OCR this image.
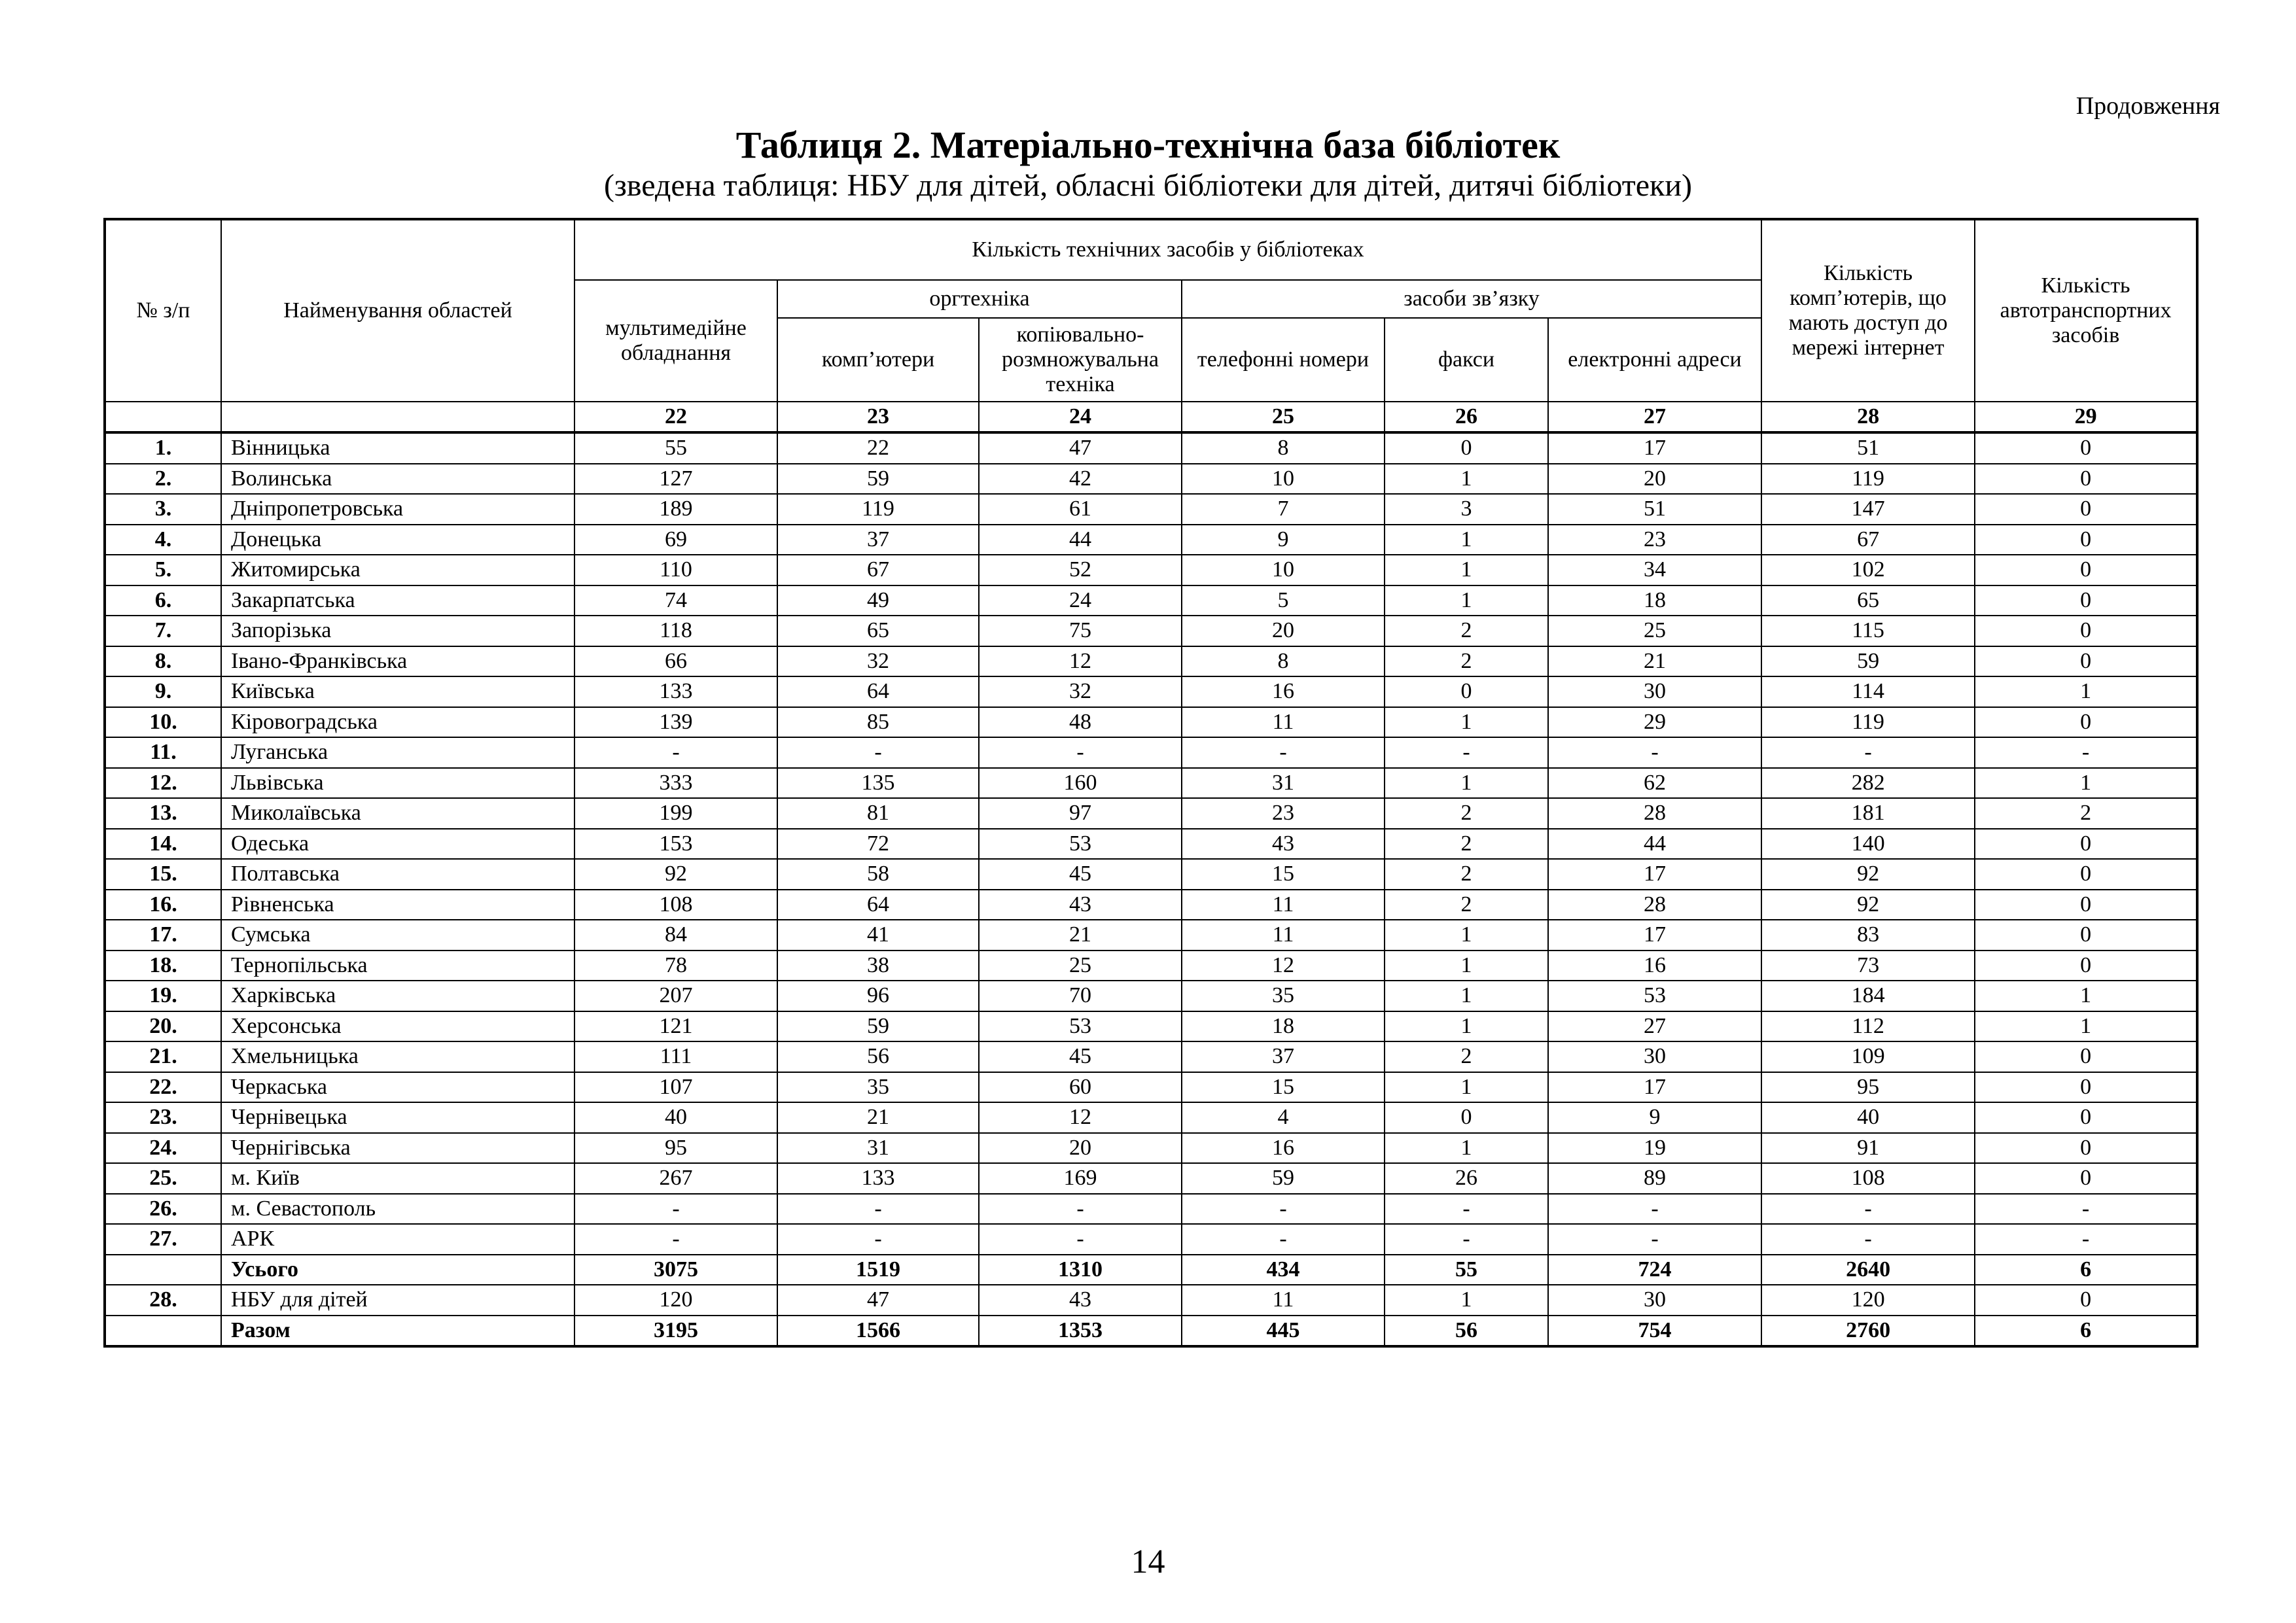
Продовження
Таблиця 2. Матеріально-технічна база бібліотек
(зведена таблиця: НБУ для дітей, обласні бібліотеки для дітей, дитячі бібліотеки)
№ з/п	Найменування областей	Кількість технічних засобів у бібліотеках						Кількість комп’ютерів, що мають доступ до мережі інтернет	Кількість автотранспортних засобів
		мультимедійне обладнання	оргтехніка		засоби зв’язку				
			комп’ютери	копіювально-розмножувальна техніка	телефонні номери	факси	електронні адреси		
		22	23	24	25	26	27	28	29
1.	Вінницька	55	22	47	8	0	17	51	0
2.	Волинська	127	59	42	10	1	20	119	0
3.	Дніпропетровська	189	119	61	7	3	51	147	0
4.	Донецька	69	37	44	9	1	23	67	0
5.	Житомирська	110	67	52	10	1	34	102	0
6.	Закарпатська	74	49	24	5	1	18	65	0
7.	Запорізька	118	65	75	20	2	25	115	0
8.	Івано-Франківська	66	32	12	8	2	21	59	0
9.	Київська	133	64	32	16	0	30	114	1
10.	Кіровоградська	139	85	48	11	1	29	119	0
11.	Луганська	-	-	-	-	-	-	-	-
12.	Львівська	333	135	160	31	1	62	282	1
13.	Миколаївська	199	81	97	23	2	28	181	2
14.	Одеська	153	72	53	43	2	44	140	0
15.	Полтавська	92	58	45	15	2	17	92	0
16.	Рівненська	108	64	43	11	2	28	92	0
17.	Сумська	84	41	21	11	1	17	83	0
18.	Тернопільська	78	38	25	12	1	16	73	0
19.	Харківська	207	96	70	35	1	53	184	1
20.	Херсонська	121	59	53	18	1	27	112	1
21.	Хмельницька	111	56	45	37	2	30	109	0
22.	Черкаська	107	35	60	15	1	17	95	0
23.	Чернівецька	40	21	12	4	0	9	40	0
24.	Чернігівська	95	31	20	16	1	19	91	0
25.	м. Київ	267	133	169	59	26	89	108	0
26.	м. Севастополь	-	-	-	-	-	-	-	-
27.	АРК	-	-	-	-	-	-	-	-
	Усього	3075	1519	1310	434	55	724	2640	6
28.	НБУ для дітей	120	47	43	11	1	30	120	0
	Разом	3195	1566	1353	445	56	754	2760	6
14
